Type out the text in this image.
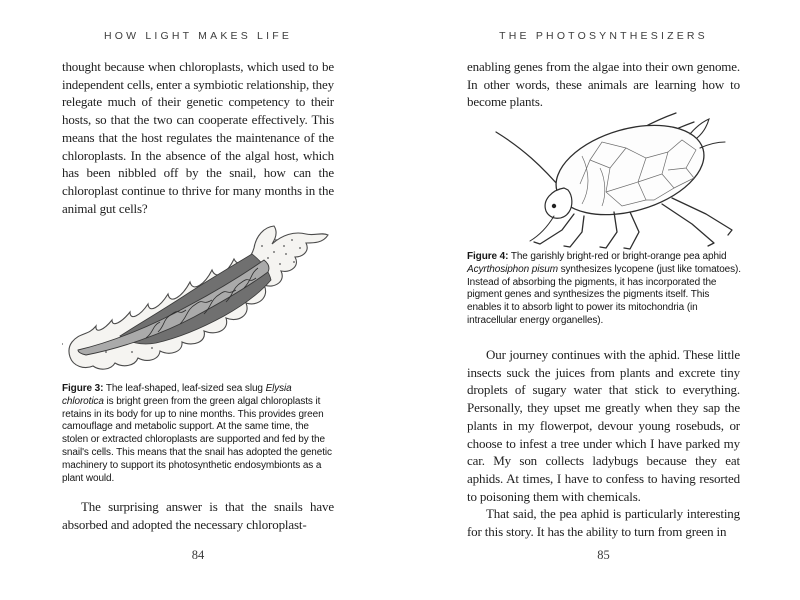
HOW LIGHT MAKES LIFE
thought because when chloroplasts, which used to be independent cells, enter a symbiotic relationship, they relegate much of their genetic competency to their hosts, so that the two can cooperate effectively. This means that the host regulates the maintenance of the chloroplasts. In the absence of the algal host, which has been nibbled off by the snail, how can the chloroplast continue to thrive for many months in the animal gut cells?
Figure 3: The leaf-shaped, leaf-sized sea slug Elysia chlorotica is bright green from the green algal chloroplasts it retains in its body for up to nine months. This provides green camouflage and metabolic support. At the same time, the stolen or extracted chloroplasts are supported and fed by the snail's cells. This means that the snail has adopted the genetic machinery to support its photosynthetic endosymbionts as a plant would.
The surprising answer is that the snails have absorbed and adopted the necessary chloroplast-
84
THE PHOTOSYNTHESIZERS
enabling genes from the algae into their own genome. In other words, these animals are learning how to become plants.
Figure 4: The garishly bright-red or bright-orange pea aphid Acyrthosiphon pisum synthesizes lycopene (just like tomatoes). Instead of absorbing the pigments, it has incorporated the pigment genes and synthesizes the pigments itself. This enables it to absorb light to power its mitochondria (in intracellular energy organelles).

Our journey continues with the aphid. These little insects suck the juices from plants and excrete tiny droplets of sugary water that stick to everything. Personally, they upset me greatly when they sap the plants in my flowerpot, devour young rosebuds, or choose to infest a tree under which I have parked my car. My son collects ladybugs because they eat aphids. At times, I have to confess to having resorted to poisoning them with chemicals.

That said, the pea aphid is particularly interesting for this story. It has the ability to turn from green in

85
